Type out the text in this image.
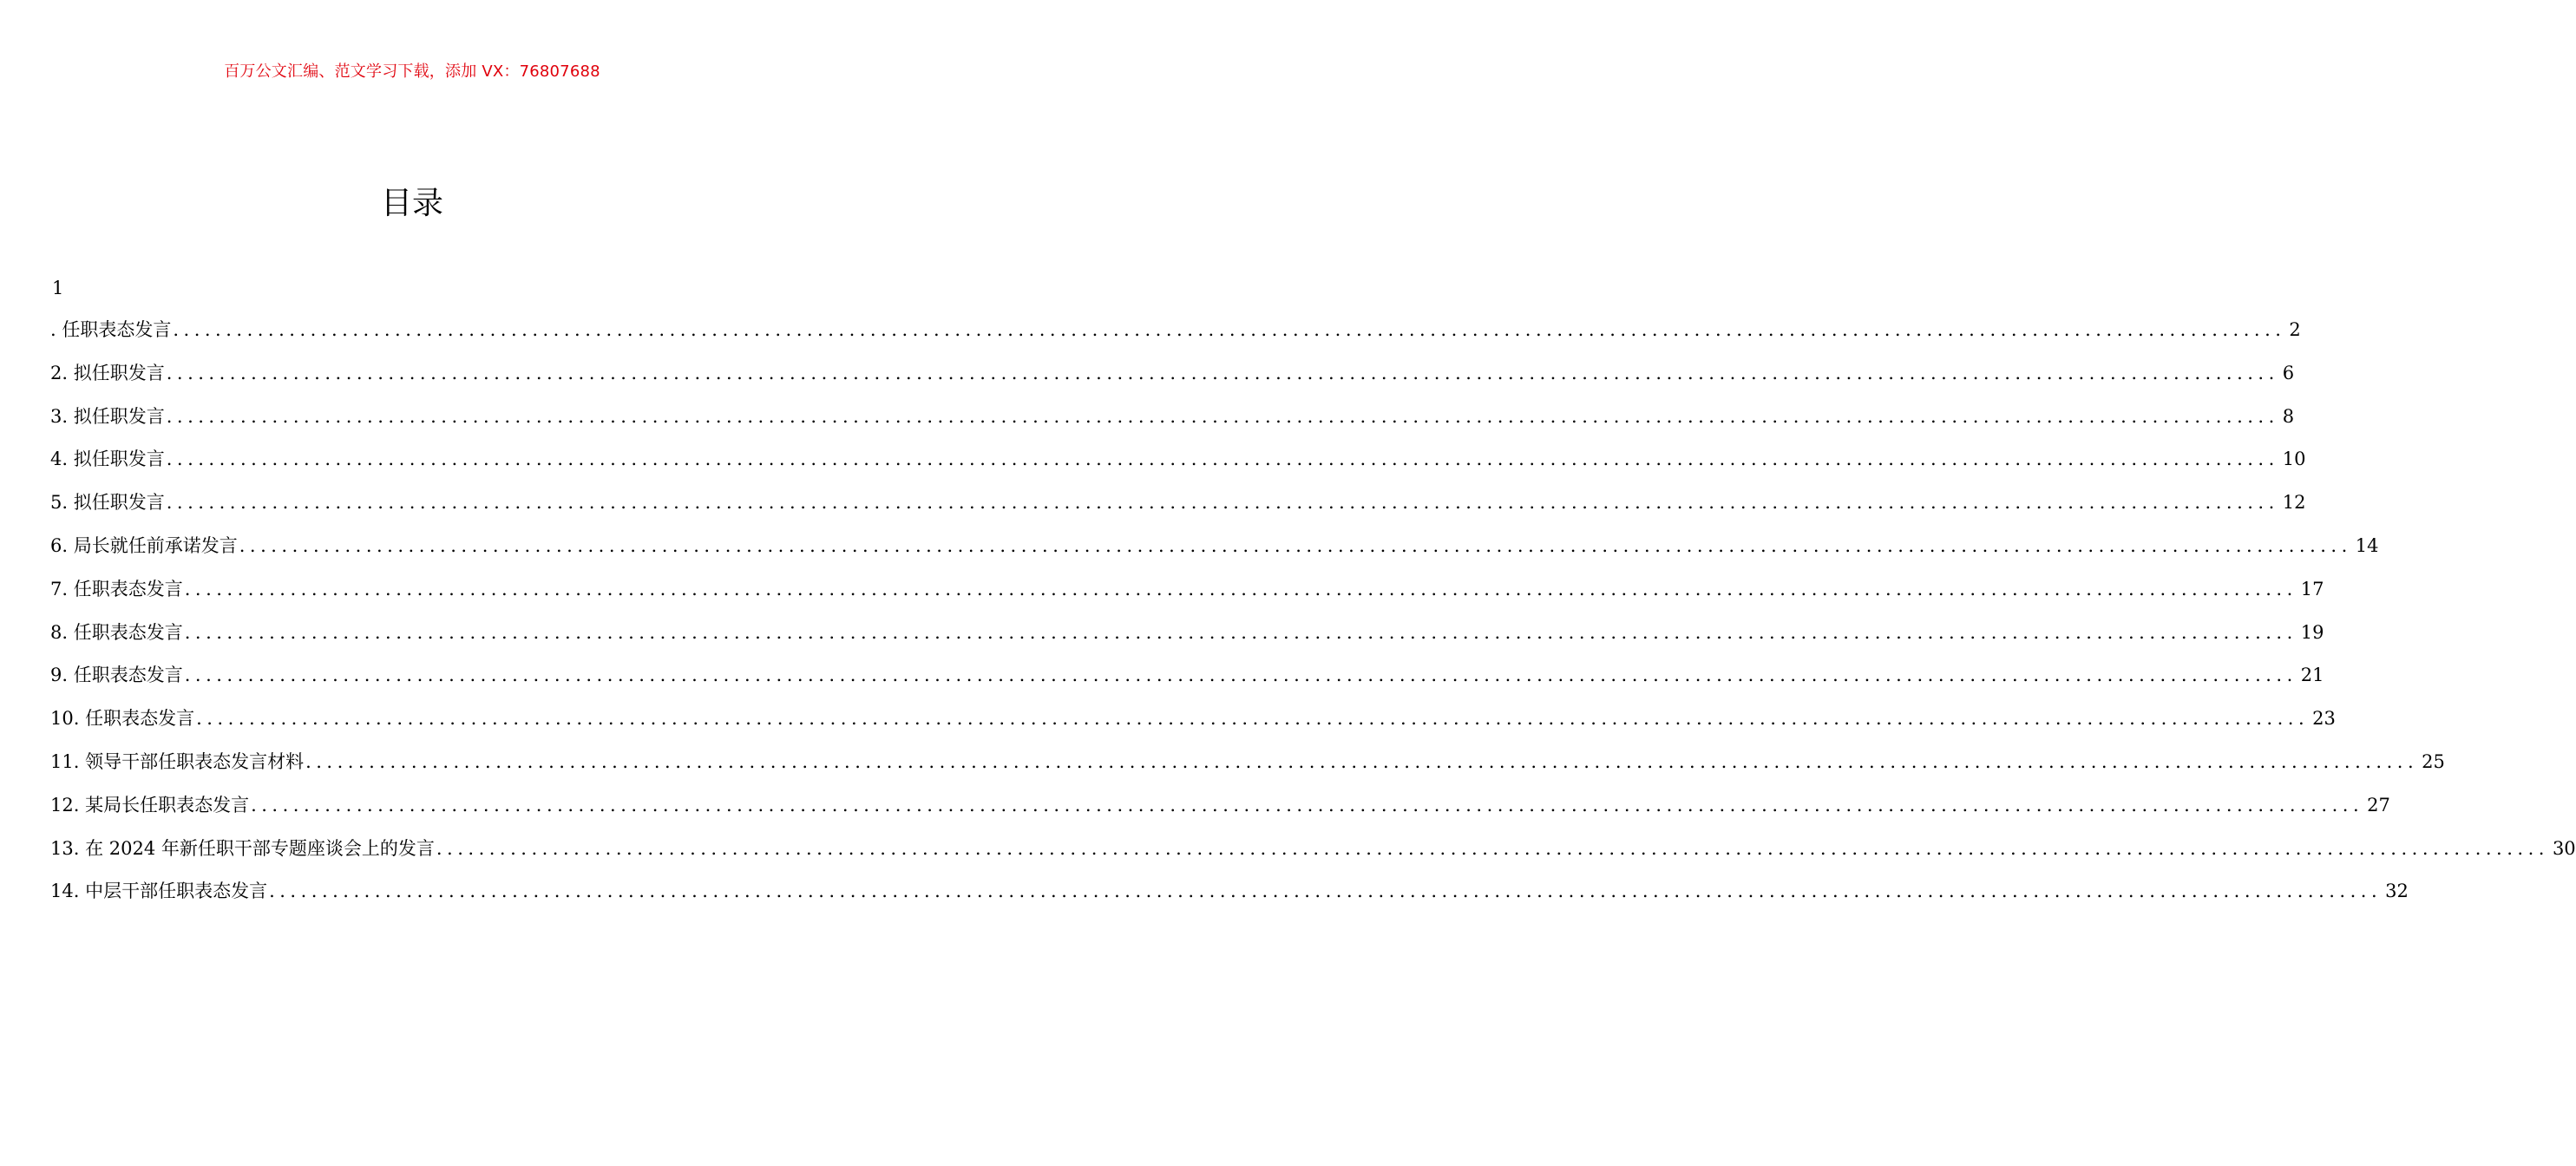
百万公文汇编、范文学习下载，添加 VX：76807688
目录
1
. 任职表态发言 ........................................................................................................................................................................................................ 2
2. 拟任职发言 ........................................................................................................................................................................................................ 6
3. 拟任职发言 ........................................................................................................................................................................................................ 8
4. 拟任职发言 ........................................................................................................................................................................................................ 10
5. 拟任职发言 ........................................................................................................................................................................................................ 12
6. 局长就任前承诺发言 ........................................................................................................................................................................................................ 14
7. 任职表态发言 ........................................................................................................................................................................................................ 17
8. 任职表态发言 ........................................................................................................................................................................................................ 19
9. 任职表态发言 ........................................................................................................................................................................................................ 21
10. 任职表态发言 ........................................................................................................................................................................................................ 23
11. 领导干部任职表态发言材料 ........................................................................................................................................................................................................ 25
12. 某局长任职表态发言 ........................................................................................................................................................................................................ 27
13. 在 2024 年新任职干部专题座谈会上的发言 ........................................................................................................................................................................................................ 30
14. 中层干部任职表态发言 ........................................................................................................................................................................................................ 32
